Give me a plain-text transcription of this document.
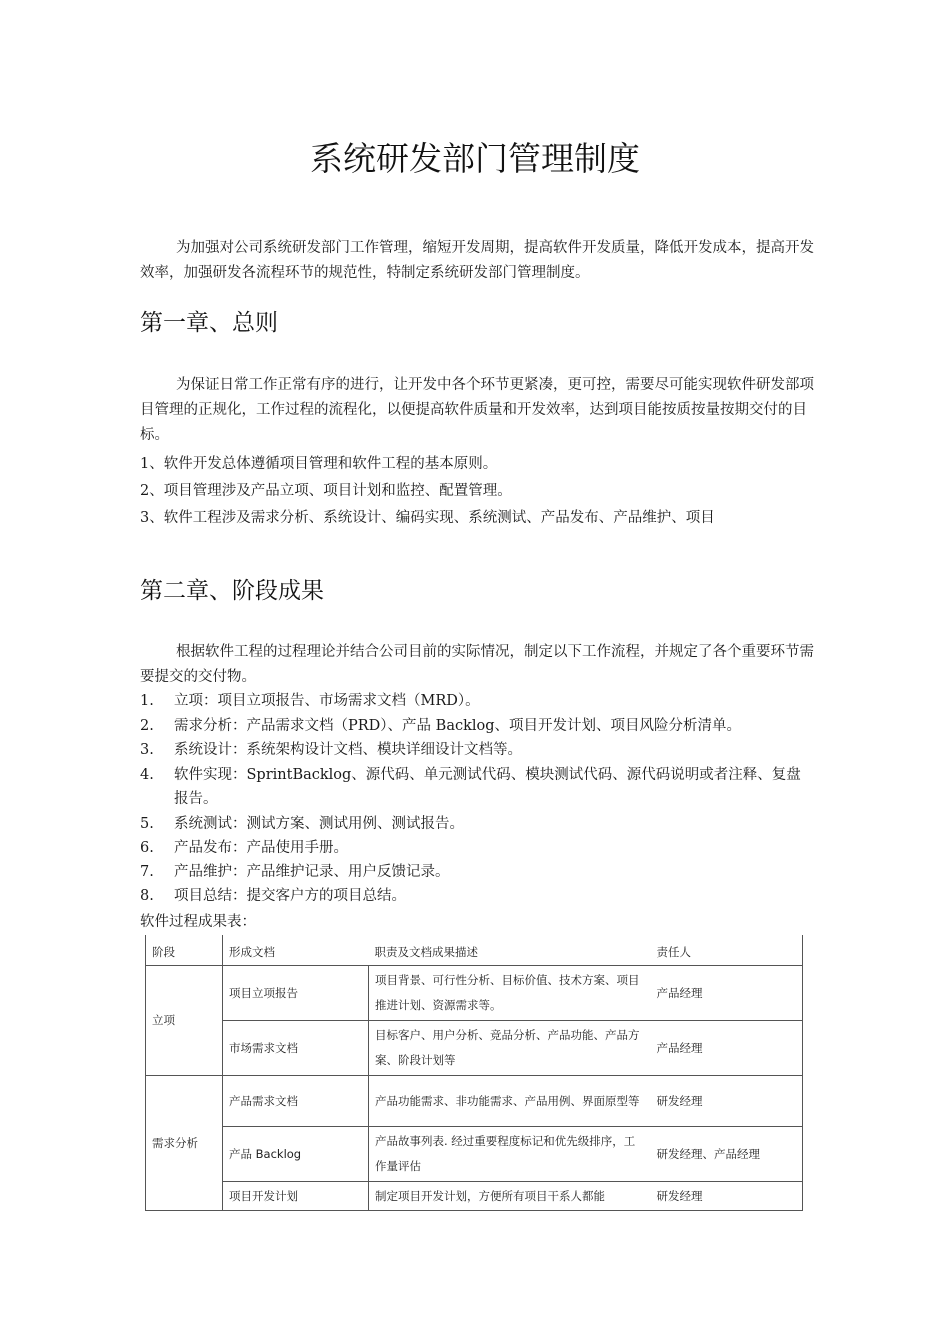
系统研发部门管理制度

为加强对公司系统研发部门工作管理，缩短开发周期，提高软件开发质量，降低开发成本，提高开发效率，加强研发各流程环节的规范性，特制定系统研发部门管理制度。

第一章、总则

为保证日常工作正常有序的进行，让开发中各个环节更紧凑，更可控，需要尽可能实现软件研发部项目管理的正规化，工作过程的流程化，以便提高软件质量和开发效率，达到项目能按质按量按期交付的目标。

1、软件开发总体遵循项目管理和软件工程的基本原则。
2、项目管理涉及产品立项、项目计划和监控、配置管理。
3、软件工程涉及需求分析、系统设计、编码实现、系统测试、产品发布、产品维护、项目
第二章、阶段成果

根据软件工程的过程理论并结合公司目前的实际情况，制定以下工作流程，并规定了各个重要环节需要提交的交付物。

1. 立项：项目立项报告、市场需求文档（MRD）。
2. 需求分析：产品需求文档（PRD）、产品 Backlog、项目开发计划、项目风险分析清单。
3. 系统设计：系统架构设计文档、模块详细设计文档等。
4. 软件实现：SprintBacklog、源代码、单元测试代码、模块测试代码、源代码说明或者注释、复盘报告。
5. 系统测试：测试方案、测试用例、测试报告。
6. 产品发布：产品使用手册。
7. 产品维护：产品维护记录、用户反馈记录。
8. 项目总结：提交客户方的项目总结。
软件过程成果表：
阶段	形成文档	职责及文档成果描述	责任人
立项	项目立项报告	项目背景、可行性分析、目标价值、技术方案、项目推进计划、资源需求等。	产品经理
	市场需求文档	目标客户、用户分析、竞品分析、产品功能、产品方案、阶段计划等	产品经理
需求分析	产品需求文档	产品功能需求、非功能需求、产品用例、界面原型等	研发经理
	产品 Backlog	产品故事列表. 经过重要程度标记和优先级排序，工作量评估	研发经理、产品经理
	项目开发计划	制定项目开发计划，方便所有项目干系人都能	研发经理
